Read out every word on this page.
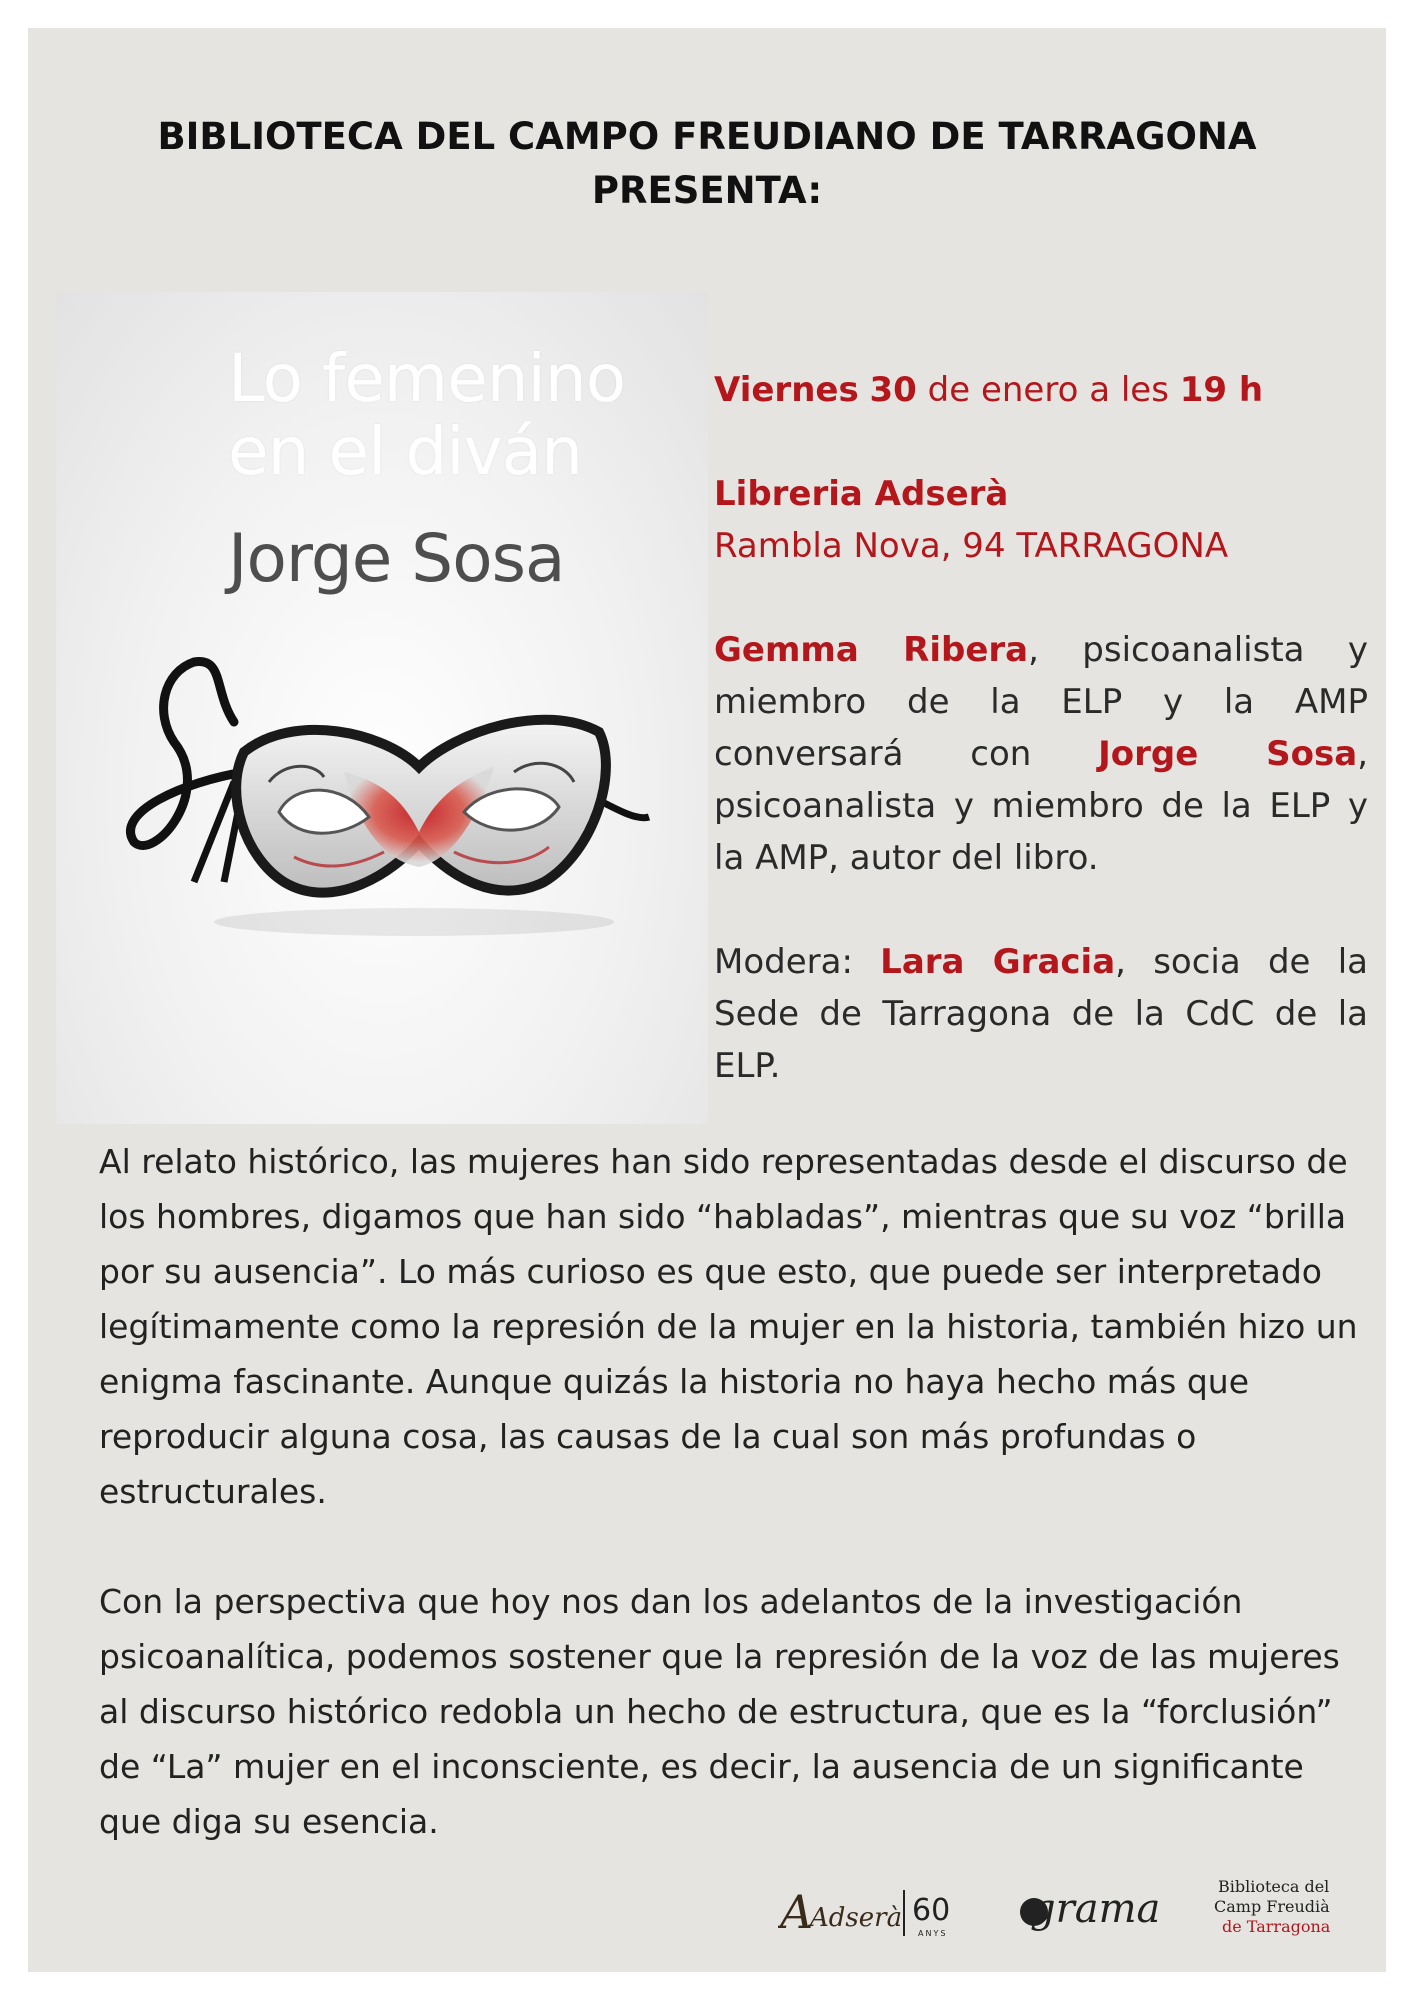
BIBLIOTECA DEL CAMPO FREUDIANO DE TARRAGONA
PRESENTA:
Lo femenino
en el diván
Jorge Sosa

Viernes 30 de enero a les 19 h

Libreria Adserà

Rambla Nova, 94 TARRAGONA

Gemma Ribera, psicoanalista y miembro de la ELP y la AMP conversará con Jorge Sosa, psicoanalista y miembro de la ELP y la AMP, autor del libro.

Modera: Lara Gracia, socia de la Sede de Tarragona de la CdC de la ELP.

Al relato histórico, las mujeres han sido representadas desde el discurso de los hombres, digamos que han sido “habladas”, mientras que su voz “brilla por su ausencia”. Lo más curioso es que esto, que puede ser interpretado legítimamente como la represión de la mujer en la historia, también hizo un enigma fascinante. Aunque quizás la historia no haya hecho más que reproducir alguna cosa, las causas de la cual son más profundas o estructurales.

Con la perspectiva que hoy nos dan los adelantos de la investigación psicoanalítica, podemos sostener que la represión de la voz de las mujeres al discurso histórico redobla un hecho de estructura, que es la “forclusión” de “La” mujer en el inconsciente, es decir, la ausencia de un significante que diga su esencia.

A
Adserà 60
ANYS
grama	Biblioteca del
Camp Freudià
de Tarragona
